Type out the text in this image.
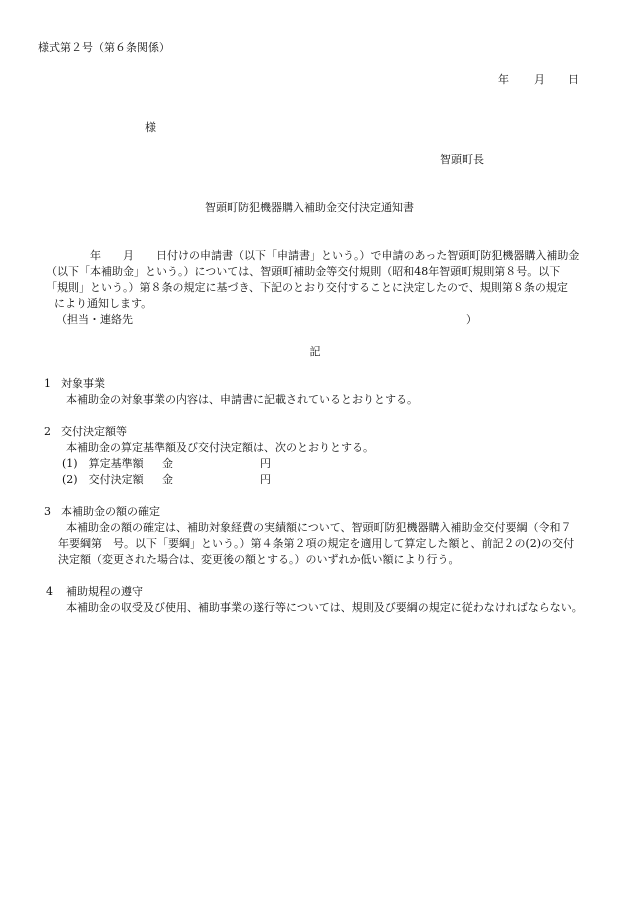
様式第２号（第６条関係）
年 月 日
様
智頭町長
智頭町防犯機器購入補助金交付決定通知書
年　　月　　日付けの申請書（以下「申請書」という。）で申請のあった智頭町防犯機器購入補助金
（以下「本補助金」という。）については、智頭町補助金等交付規則（昭和48年智頭町規則第８号。以下
「規則」という。）第８条の規定に基づき、下記のとおり交付することに決定したので、規則第８条の規定
により通知します。
（担当・連絡先	）
記
1 対象事業
本補助金の対象事業の内容は、申請書に記載されているとおりとする。
2 交付決定額等
本補助金の算定基準額及び交付決定額は、次のとおりとする。
(1)　算定基準額 金	円
(2)　交付決定額 金	円
3 本補助金の額の確定
本補助金の額の確定は、補助対象経費の実績額について、智頭町防犯機器購入補助金交付要綱（令和７
年要綱第　号。以下「要綱」という。）第４条第２項の規定を適用して算定した額と、前記２の(2)の交付
決定額（変更された場合は、変更後の額とする。）のいずれか低い額により行う。
4 補助規程の遵守
本補助金の収受及び使用、補助事業の遂行等については、規則及び要綱の規定に従わなければならない。
